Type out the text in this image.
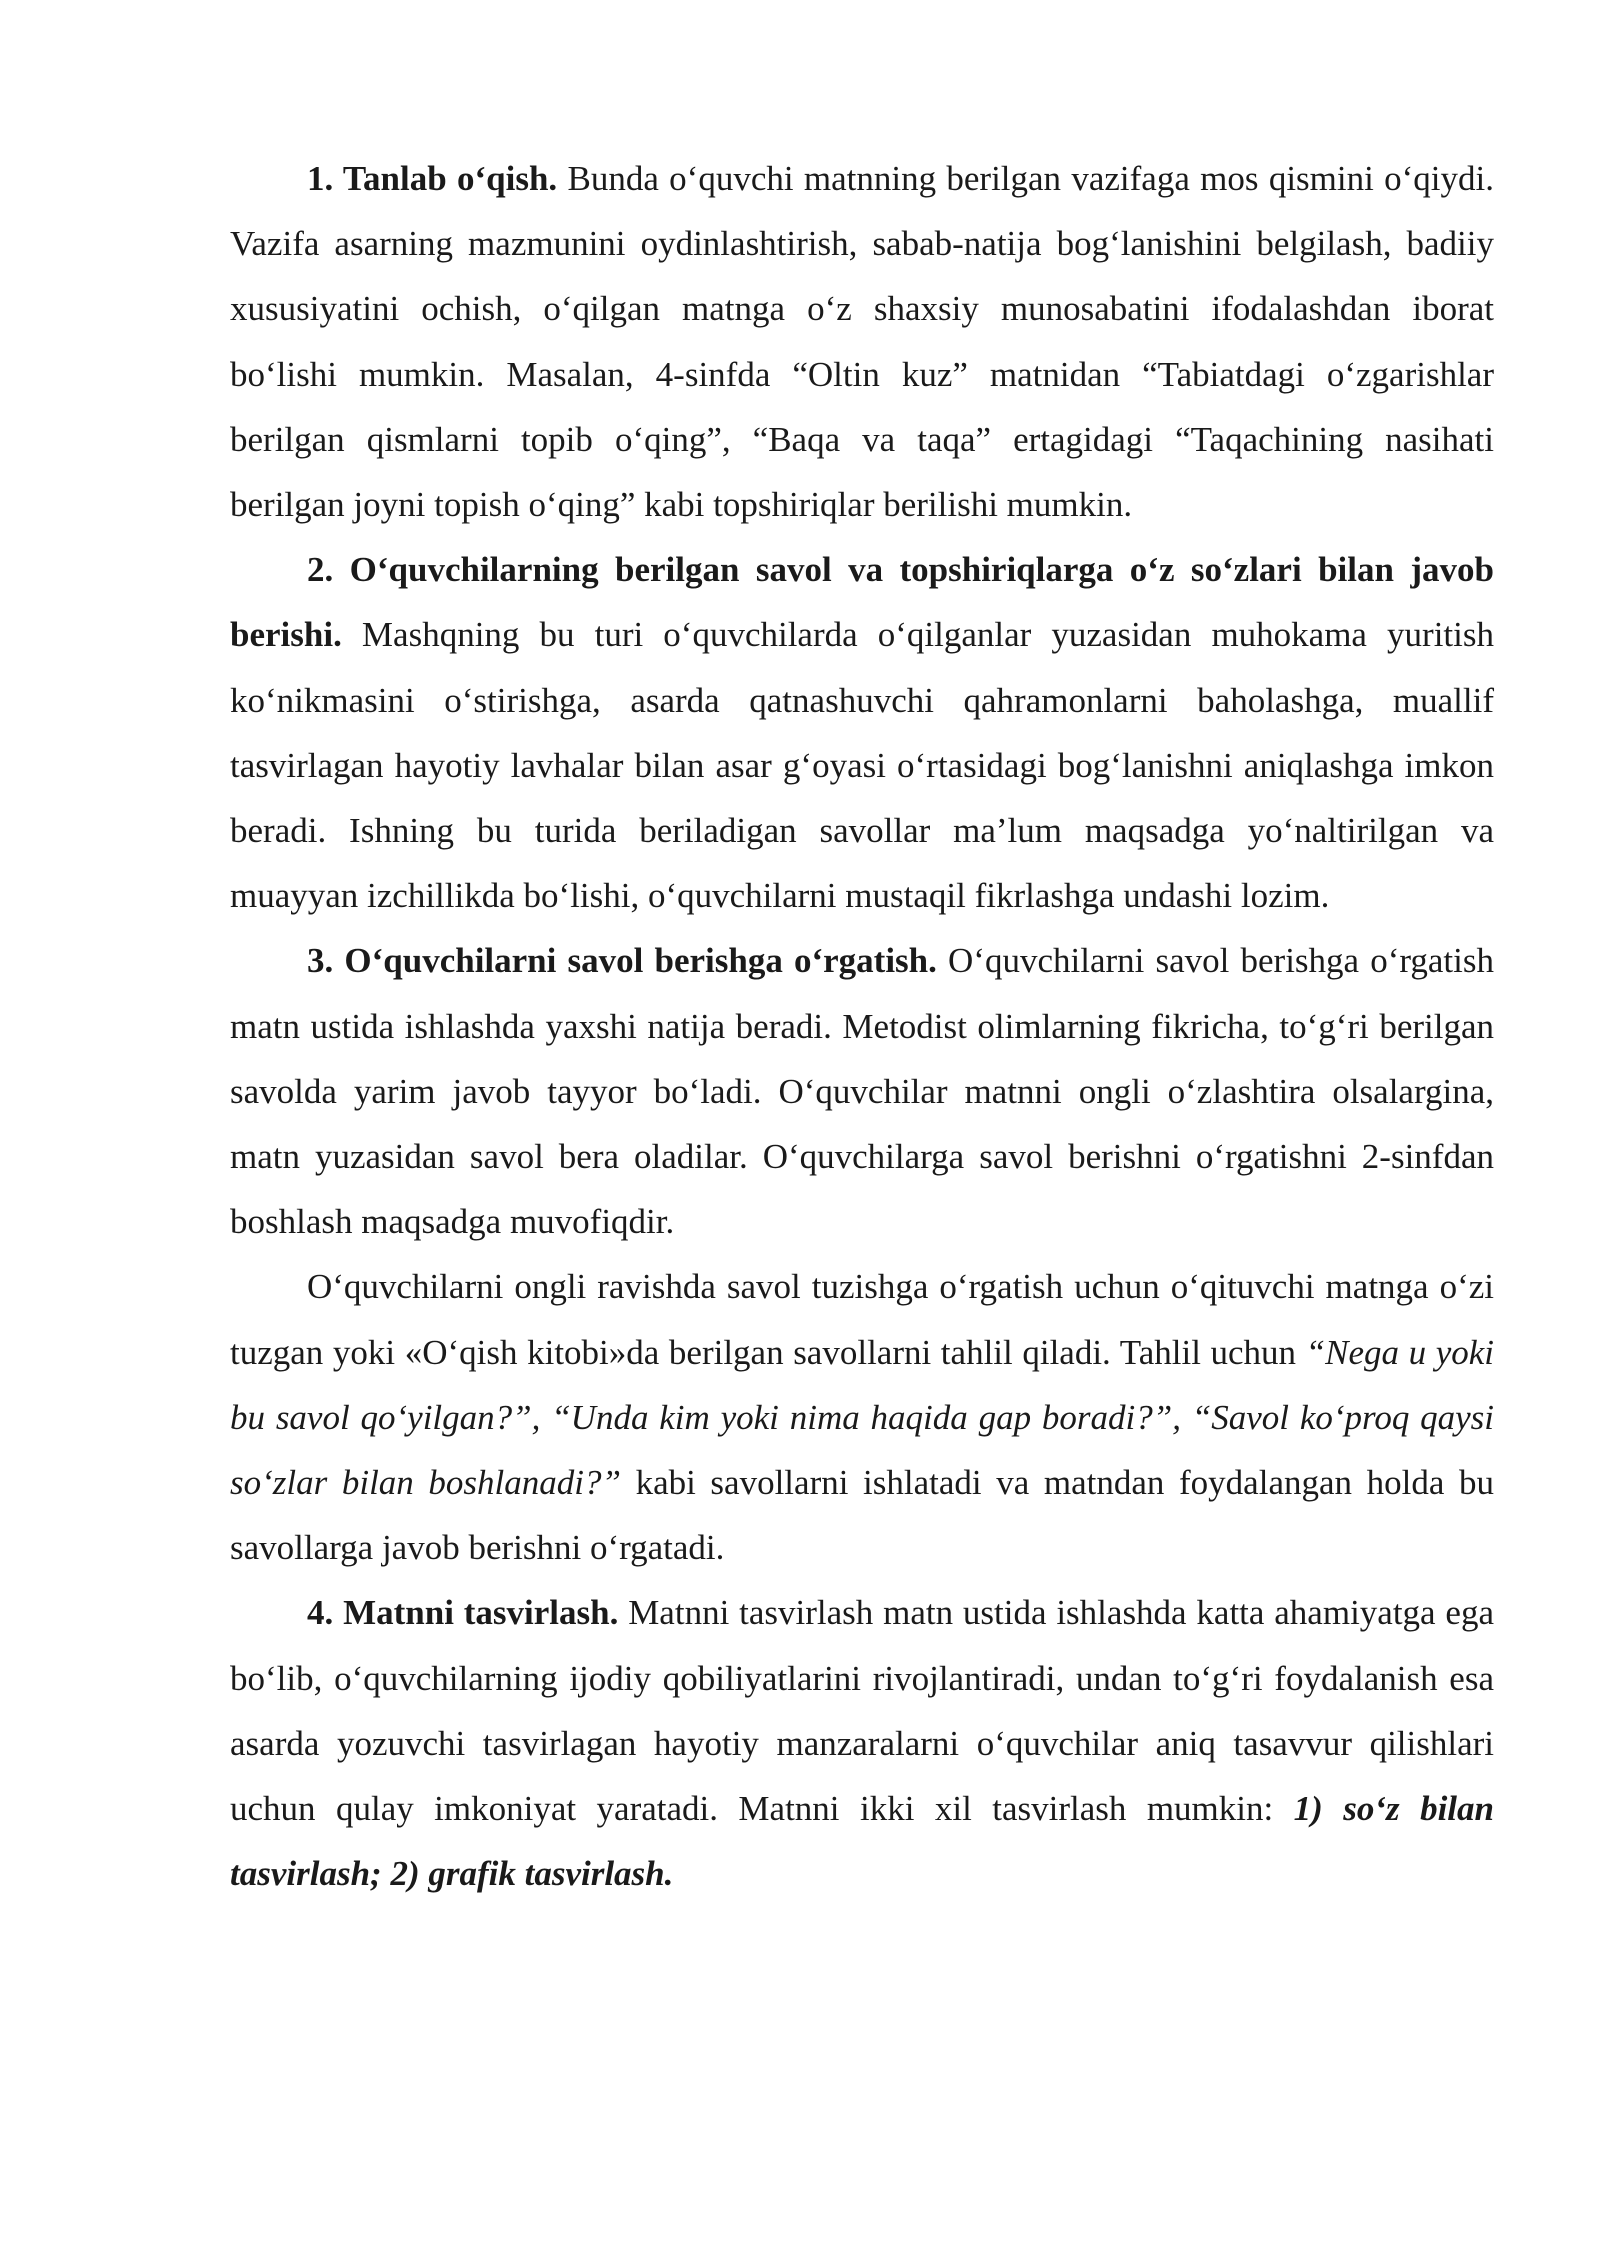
1. Tanlab o‘qish. Bunda o‘quvchi matnning berilgan vazifaga mos qismini o‘qiydi. Vazifa asarning mazmunini oydinlashtirish, sabab-natija bog‘lanishini belgilash, badiiy xususiyatini ochish, o‘qilgan matnga o‘z shaxsiy munosabatini ifodalashdan iborat bo‘lishi mumkin. Masalan, 4-sinfda “Oltin kuz” matnidan “Tabiatdagi o‘zgarishlar berilgan qismlarni topib o‘qing”, “Baqa va taqa” ertagidagi “Taqachining nasihati berilgan joyni topish o‘qing” kabi topshiriqlar berilishi mumkin.

2. O‘quvchilarning berilgan savol va topshiriqlarga o‘z so‘zlari bilan javob berishi. Mashqning bu turi o‘quvchilarda o‘qilganlar yuzasidan muhokama yuritish ko‘nikmasini o‘stirishga, asarda qatnashuvchi qahramonlarni baholashga, muallif tasvirlagan hayotiy lavhalar bilan asar g‘oyasi o‘rtasidagi bog‘lanishni aniqlashga imkon beradi. Ishning bu turida beriladigan savollar ma’lum maqsadga yo‘naltirilgan va muayyan izchillikda bo‘lishi, o‘quvchilarni mustaqil fikrlashga undashi lozim.

3. O‘quvchilarni savol berishga o‘rgatish. O‘quvchilarni savol berishga o‘rgatish matn ustida ishlashda yaxshi natija beradi. Metodist olimlarning fikricha, to‘g‘ri berilgan savolda yarim javob tayyor bo‘ladi. O‘quvchilar matnni ongli o‘zlashtira olsalargina, matn yuzasidan savol bera oladilar. O‘quvchilarga savol berishni o‘rgatishni 2-sinfdan boshlash maqsadga muvofiqdir.

O‘quvchilarni ongli ravishda savol tuzishga o‘rgatish uchun o‘qituvchi matnga o‘zi tuzgan yoki «O‘qish kitobi»da berilgan savollarni tahlil qiladi. Tahlil uchun “Nega u yoki bu savol qo‘yilgan?”, “Unda kim yoki nima haqida gap boradi?”, “Savol ko‘proq qaysi so‘zlar bilan boshlanadi?” kabi savollarni ishlatadi va matndan foydalangan holda bu savollarga javob berishni o‘rgatadi.

4. Matnni tasvirlash. Matnni tasvirlash matn ustida ishlashda katta ahamiyatga ega bo‘lib, o‘quvchilarning ijodiy qobiliyatlarini rivojlantiradi, undan to‘g‘ri foydalanish esa asarda yozuvchi tasvirlagan hayotiy manzaralarni o‘quvchilar aniq tasavvur qilishlari uchun qulay imkoniyat yaratadi. Matnni ikki xil tasvirlash mumkin: 1) so‘z bilan tasvirlash; 2) grafik tasvirlash.
